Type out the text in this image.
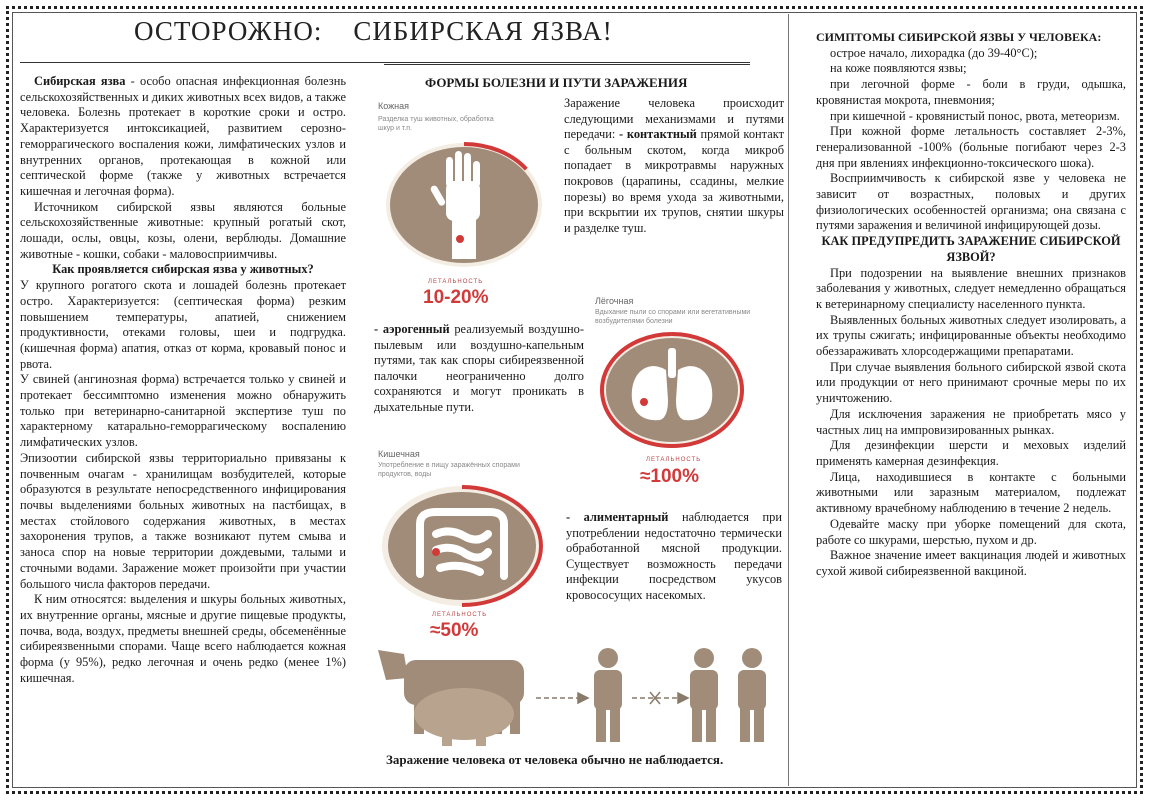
ОСТОРОЖНО:    СИБИРСКАЯ ЯЗВА!

Сибирская язва - особо опасная инфекционная болезнь сельскохозяйственных и диких животных всех видов, а также человека. Болезнь протекает в короткие сроки и остро. Характеризуется интоксикацией, развитием серозно-геморрагического воспаления кожи, лимфатических узлов и внутренних органов, протекающая в кожной или септической форме (также у животных встречается кишечная и легочная форма).

Источником сибирской язвы являются больные сельскохозяйственные животные: крупный рогатый скот, лошади, ослы, овцы, козы, олени, верблюды. Домашние животные - кошки, собаки - маловосприимчивы.

Как проявляется сибирская язва у животных?

У крупного рогатого скота и лошадей болезнь протекает остро. Характеризуется: (септическая форма) резким повышением температуры, апатией, снижением продуктивности, отеками головы, шеи и подгрудка. (кишечная форма) апатия, отказ от корма, кровавый понос и рвота.

У свиней (ангинозная форма) встречается только у свиней и протекает бессимптомно изменения можно обнаружить только при ветеринарно-санитарной экспертизе туш по характерному катарально-геморрагическому воспалению лимфатических узлов.

Эпизоотии сибирской язвы территориально привязаны к почвенным очагам - хранилищам возбудителей, которые образуются в результате непосредственного инфицирования почвы выделениями больных животных на пастбищах, в местах стойлового содержания животных, в местах захоронения трупов, а также возникают путем смыва и заноса спор на новые территории дождевыми, талыми и сточными водами. Заражение может произойти при участии большого числа факторов передачи.

К ним относятся: выделения и шкуры больных животных, их внутренние органы, мясные и другие пищевые продукты, почва, вода, воздух, предметы внешней среды, обсеменённые сибиреязвенными спорами. Чаще всего наблюдается кожная форма (у 95%), редко легочная и очень редко (менее 1%) кишечная.

ФОРМЫ БОЛЕЗНИ И ПУТИ ЗАРАЖЕНИЯ
Заражение человека происходит следующими механизмами и путями передачи: - контактный прямой контакт с больным скотом, когда микроб попадает в микротравмы наружных покровов (царапины, ссадины, мелкие порезы) во время ухода за животными, при вскрытии их трупов, снятии шкуры и разделке туш.
- аэрогенный реализуемый воздушно-пылевым или воздушно-капельным путями, так как споры сибиреязвенной палочки неограниченно долго сохраняются и могут проникать в дыхательные пути.
- алиментарный наблюдается при употреблении недостаточно термически обработанной мясной продукции. Существует возможность передачи инфекции посредством укусов кровососущих насекомых.
Кожная
Разделка туш животных, обработка шкур и т.п.
ЛЕТАЛЬНОСТЬ
10-20%	Лёгочная
Вдыхание пыли со спорами или вегетативными возбудителями болезни
ЛЕТАЛЬНОСТЬ
≈100%
Кишечная
Употребление в пищу заражённых спорами продуктов, воды
ЛЕТАЛЬНОСТЬ
≈50%
Заражение человека от человека обычно не наблюдается.

СИМПТОМЫ СИБИРСКОЙ ЯЗВЫ У ЧЕЛОВЕКА:

острое начало, лихорадка (до 39-40°С);

на коже появляются язвы;

при легочной форме - боли в груди, одышка, кровянистая мокрота, пневмония;

при кишечной - кровянистый понос, рвота, метеоризм.

При кожной форме летальность составляет 2-3%, генерализованной -100% (больные погибают через 2-3 дня при явлениях инфекционно-токсического шока).

Восприимчивость к сибирской язве у человека не зависит от возрастных, половых и других физиологических особенностей организма; она связана с путями заражения и величиной инфицирующей дозы.

КАК ПРЕДУПРЕДИТЬ ЗАРАЖЕНИЕ СИБИРСКОЙ ЯЗВОЙ?

При подозрении на выявление внешних признаков заболевания у животных, следует немедленно обращаться к ветеринарному специалисту населенного пункта.

Выявленных больных животных следует изолировать, а их трупы сжигать; инфицированные объекты необходимо обеззараживать хлорсодержащими препаратами.

При случае выявления больного сибирской язвой скота или продукции от него принимают срочные меры по их уничтожению.

Для исключения заражения не приобретать мясо у частных лиц на импровизированных рынках.

Для дезинфекции шерсти и меховых изделий применять камерная дезинфекция.

Лица, находившиеся в контакте с больными животными или заразным материалом, подлежат активному врачебному наблюдению в течение 2 недель.

Одевайте маску при уборке помещений для скота, работе со шкурами, шерстью, пухом и др.

Важное значение имеет вакцинация людей и животных сухой живой сибиреязвенной вакциной.
